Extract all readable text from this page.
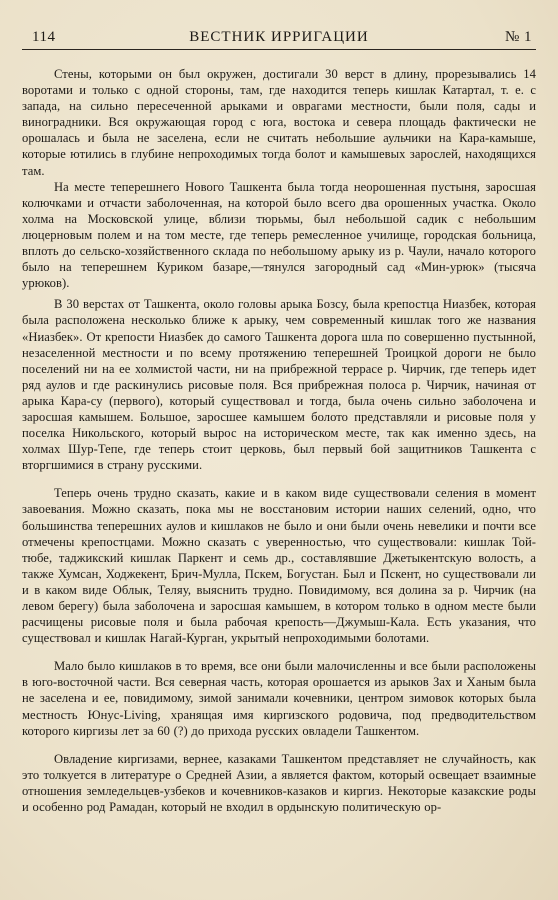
114	ВЕСТНИК ИРРИГАЦИИ	№ 1

Стены, которыми он был окружен, достигали 30 верст в длину, прорезывались 14 воротами и только с одной стороны, там, где находится теперь кишлак Катартал, т. е. с запада, на сильно пересеченной арыками и оврагами местности, были поля, сады и виноградники. Вся окружающая город с юга, востока и севера площадь фактически не орошалась и была не заселена, если не считать небольшие аульчики на Кара-камыше, которые ютились в глубине непроходимых тогда болот и камышевых зарослей, находящихся там.

На месте теперешнего Нового Ташкента была тогда неорошенная пустыня, заросшая колючками и отчасти заболоченная, на которой было всего два орошенных участка. Около холма на Московской улице, вблизи тюрьмы, был небольшой садик с небольшим люцерновым полем и на том месте, где теперь ремесленное училище, городская больница, вплоть до сельско-хозяйственного склада по небольшому арыку из р. Чаули, начало которого было на теперешнем Куриком базаре,—тянулся загородный сад «Мин-урюк» (тысяча урюков).

В 30 верстах от Ташкента, около головы арыка Бозсу, была крепостца Ниазбек, которая была расположена несколько ближе к арыку, чем современный кишлак того же названия «Ниазбек». От крепости Ниазбек до самого Ташкента дорога шла по совершенно пустынной, незаселенной местности и по всему протяжению теперешней Троицкой дороги не было поселений ни на ее холмистой части, ни на прибрежной террасе р. Чирчик, где теперь идет ряд аулов и где раскинулись рисовые поля. Вся прибрежная полоса р. Чирчик, начиная от арыка Кара-су (первого), который существовал и тогда, была очень сильно заболочена и заросшая камышем. Большое, заросшее камышем болото представляли и рисовые поля у поселка Никольского, который вырос на историческом месте, так как именно здесь, на холмах Шур-Тепе, где теперь стоит церковь, был первый бой защитников Ташкента с вторгшимися в страну русскими.

Теперь очень трудно сказать, какие и в каком виде существовали селения в момент завоевания. Можно сказать, пока мы не восстановим истории наших селений, одно, что большинства теперешних аулов и кишлаков не было и они были очень невелики и почти все отмечены крепостцами. Можно сказать с уверенностью, что существовали: кишлак Той-тюбе, таджикский кишлак Паркент и семь др., составлявшие Джетыкентскую волость, а также Хумсан, Ходжекент, Брич-Мулла, Пскем, Богустан. Был и Пскент, но существовали ли и в каком виде Облык, Теляу, выяснить трудно. Повидимому, вся долина за р. Чирчик (на левом берегу) была заболочена и заросшая камышем, в котором только в одном месте были расчищены рисовые поля и была рабочая крепость—Джумыш-Кала. Есть указания, что существовал и кишлак Нагай-Курган, укрытый непроходимыми болотами.

Мало было кишлаков в то время, все они были малочисленны и все были расположены в юго-восточной части. Вся северная часть, которая орошается из арыков Зах и Ханым была не заселена и ее, повидимому, зимой занимали кочевники, центром зимовок которых была местность Юнус-Living, хранящая имя киргизского родовича, под предводительством которого киргизы лет за 60 (?) до прихода русских овладели Ташкентом.

Овладение киргизами, вернее, казаками Ташкентом представляет не случайность, как это толкуется в литературе о Средней Азии, а является фактом, который освещает взаимные отношения земледельцев-узбеков и кочевников-казаков и киргиз. Некоторые казакские роды и особенно род Рамадан, который не входил в ордынскую политическую ор-
